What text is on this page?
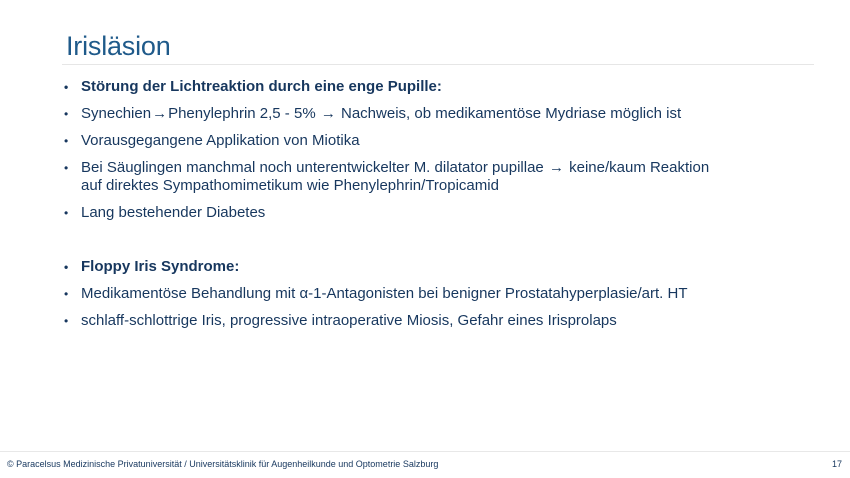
Irisläsion
• Störung der Lichtreaktion durch eine enge Pupille:
• Synechien→Phenylephrin 2,5 - 5% → Nachweis, ob medikamentöse Mydriase möglich ist
• Vorausgegangene Applikation von Miotika
• Bei Säuglingen manchmal noch unterentwickelter M. dilatator pupillae → keine/kaum Reaktion
auf direktes Sympathomimetikum wie Phenylephrin/Tropicamid
• Lang bestehender Diabetes
• Floppy Iris Syndrome:
• Medikamentöse Behandlung mit α-1-Antagonisten bei benigner Prostatahyperplasie/art. HT
• schlaff-schlottrige Iris, progressive intraoperative Miosis, Gefahr eines Irisprolaps
© Paracelsus Medizinische Privatuniversität / Universitätsklinik für Augenheilkunde und Optometrie Salzburg	17
